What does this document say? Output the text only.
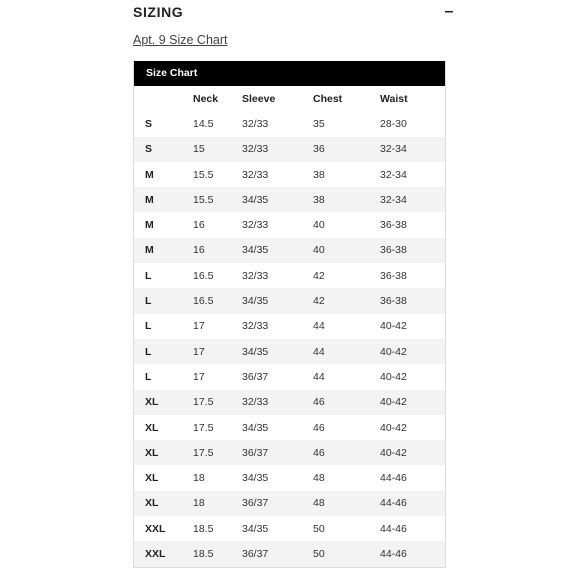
SIZING	–
Apt. 9 Size Chart
Size Chart
	Neck	Sleeve	Chest	Waist
S	14.5	32/33	35	28-30
S	15	32/33	36	32-34
M	15.5	32/33	38	32-34
M	15.5	34/35	38	32-34
M	16	32/33	40	36-38
M	16	34/35	40	36-38
L	16.5	32/33	42	36-38
L	16.5	34/35	42	36-38
L	17	32/33	44	40-42
L	17	34/35	44	40-42
L	17	36/37	44	40-42
XL	17.5	32/33	46	40-42
XL	17.5	34/35	46	40-42
XL	17.5	36/37	46	40-42
XL	18	34/35	48	44-46
XL	18	36/37	48	44-46
XXL	18.5	34/35	50	44-46
XXL	18.5	36/37	50	44-46
